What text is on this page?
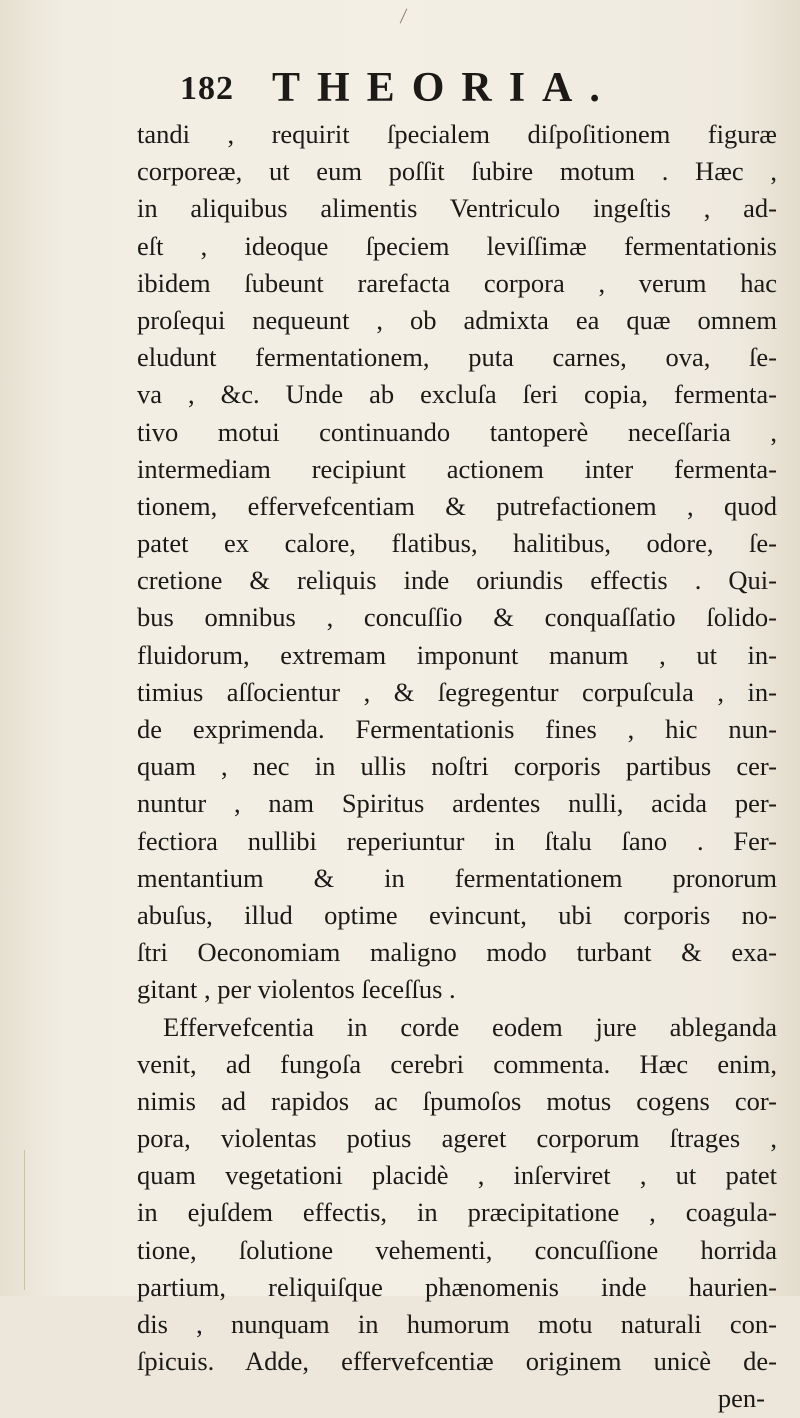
182 THEORIA.
tandi , requirit ſpecialem diſpoſitionem figuræ
corporeæ, ut eum poſſit ſubire motum . Hæc ,
in aliquibus alimentis Ventriculo ingeſtis , ad-
eſt , ideoque ſpeciem leviſſimæ fermentationis
ibidem ſubeunt rarefacta corpora , verum hac
proſequi nequeunt , ob admixta ea quæ omnem
eludunt fermentationem, puta carnes, ova, ſe-
va , &c. Unde ab excluſa ſeri copia, fermenta-
tivo motui continuando tantoperè neceſſaria ,
intermediam recipiunt actionem inter fermenta-
tionem, effervefcentiam & putrefactionem , quod
patet ex calore, flatibus, halitibus, odore, ſe-
cretione & reliquis inde oriundis effectis . Qui-
bus omnibus , concuſſio & conquaſſatio ſolido-
fluidorum, extremam imponunt manum , ut in-
timius aſſocientur , & ſegregentur corpuſcula , in-
de exprimenda. Fermentationis fines , hic nun-
quam , nec in ullis noſtri corporis partibus cer-
nuntur , nam Spiritus ardentes nulli, acida per-
fectiora nullibi reperiuntur in ſtalu ſano . Fer-
mentantium & in fermentationem pronorum
abuſus, illud optime evincunt, ubi corporis no-
ſtri Oeconomiam maligno modo turbant & exa-
gitant , per violentos ſeceſſus .
Effervefcentia in corde eodem jure ableganda
venit, ad fungoſa cerebri commenta. Hæc enim,
nimis ad rapidos ac ſpumoſos motus cogens cor-
pora, violentas potius ageret corporum ſtrages ,
quam vegetationi placidè , inſerviret , ut patet
in ejuſdem effectis, in præcipitatione , coagula-
tione, ſolutione vehementi, concuſſione horrida
partium, reliquiſque phænomenis inde haurien-
dis , nunquam in humorum motu naturali con-
ſpicuis. Adde, effervefcentiæ originem unicè de-
pen-
